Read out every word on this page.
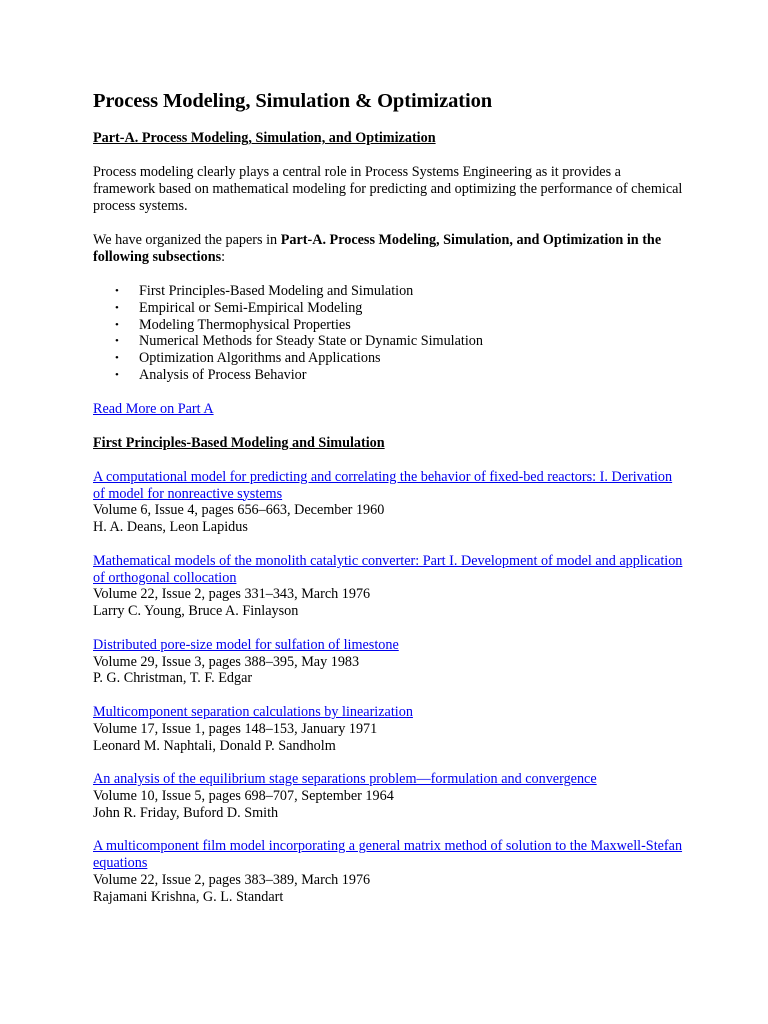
Process Modeling, Simulation & Optimization
Part-A. Process Modeling, Simulation, and Optimization

Process modeling clearly plays a central role in Process Systems Engineering as it provides a framework based on mathematical modeling for predicting and optimizing the performance of chemical process systems.

We have organized the papers in Part-A. Process Modeling, Simulation, and Optimization in the following subsections:

• First Principles-Based Modeling and Simulation
• Empirical or Semi-Empirical Modeling
• Modeling Thermophysical Properties
• Numerical Methods for Steady State or Dynamic Simulation
• Optimization Algorithms and Applications
• Analysis of Process Behavior
Read More on Part A
First Principles-Based Modeling and Simulation
A computational model for predicting and correlating the behavior of fixed-bed reactors: I. Derivation of model for nonreactive systems
Volume 6, Issue 4, pages 656–663, December 1960
H. A. Deans, Leon Lapidus
Mathematical models of the monolith catalytic converter: Part I. Development of model and application of orthogonal collocation
Volume 22, Issue 2, pages 331–343, March 1976
Larry C. Young, Bruce A. Finlayson
Distributed pore-size model for sulfation of limestone
Volume 29, Issue 3, pages 388–395, May 1983
P. G. Christman, T. F. Edgar
Multicomponent separation calculations by linearization
Volume 17, Issue 1, pages 148–153, January 1971
Leonard M. Naphtali, Donald P. Sandholm
An analysis of the equilibrium stage separations problem—formulation and convergence
Volume 10, Issue 5, pages 698–707, September 1964
John R. Friday, Buford D. Smith
A multicomponent film model incorporating a general matrix method of solution to the Maxwell-Stefan equations
Volume 22, Issue 2, pages 383–389, March 1976
Rajamani Krishna, G. L. Standart
